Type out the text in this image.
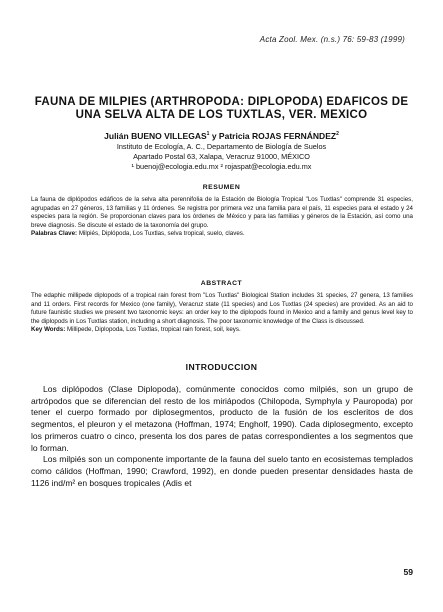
Acta Zool. Mex. (n.s.) 76: 59-83 (1999)
FAUNA DE MILPIES (ARTHROPODA: DIPLOPODA) EDAFICOS DE
UNA SELVA ALTA DE LOS TUXTLAS, VER. MEXICO
Julián BUENO VILLEGAS$^1$ y Patricia ROJAS FERNÁNDEZ$^2$
Instituto de Ecología, A. C., Departamento de Biología de Suelos
Apartado Postal 63, Xalapa, Veracruz 91000, MÉXICO
¹ buenoj@ecologia.edu.mx ² rojaspat@ecologia.edu.mx
RESUMEN

La fauna de diplópodos edáficos de la selva alta perennifolia de la Estación de Biología Tropical "Los Tuxtlas" comprende 31 especies, agrupadas en 27 géneros, 13 familias y 11 órdenes. Se registra por primera vez una familia para el país, 11 especies para el estado y 24 especies para la región. Se proporcionan claves para los órdenes de México y para las familias y géneros de la Estación, así como una breve diagnosis. Se discute el estado de la taxonomía del grupo.

Palabras Clave: Milpiés, Diplópoda, Los Tuxtlas, selva tropical, suelo, claves.

ABSTRACT

The edaphic millipede diplopods of a tropical rain forest from "Los Tuxtlas" Biological Station includes 31 species, 27 genera, 13 families and 11 orders. First records for Mexico (one family), Veracruz state (11 species) and Los Tuxtlas (24 species) are provided. As an aid to future faunistic studies we present two taxonomic keys: an order key to the diplopods found in Mexico and a family and genus level key to the diplopods in Los Tuxtlas station, including a short diagnosis. The poor taxonomic knowledge of the Class is discussed.

Key Words: Millipede, Diplopoda, Los Tuxtlas, tropical rain forest, soil, keys.

INTRODUCCION

Los diplópodos (Clase Diplopoda), comúnmente conocidos como milpiés, son un grupo de artrópodos que se diferencian del resto de los miriápodos (Chilopoda, Symphyla y Pauropoda) por tener el cuerpo formado por diplosegmentos, producto de la fusión de los escleritos de dos segmentos, el pleuron y el metazona (Hoffman, 1974; Engholf, 1990). Cada diplosegmento, excepto los primeros cuatro o cinco, presenta los dos pares de patas correspondientes a los segmentos que lo forman.

Los milpiés son un componente importante de la fauna del suelo tanto en ecosistemas templados como cálidos (Hoffman, 1990; Crawford, 1992), en donde pueden presentar densidades hasta de 1126 ind/m² en bosques tropicales (Adis et

59
